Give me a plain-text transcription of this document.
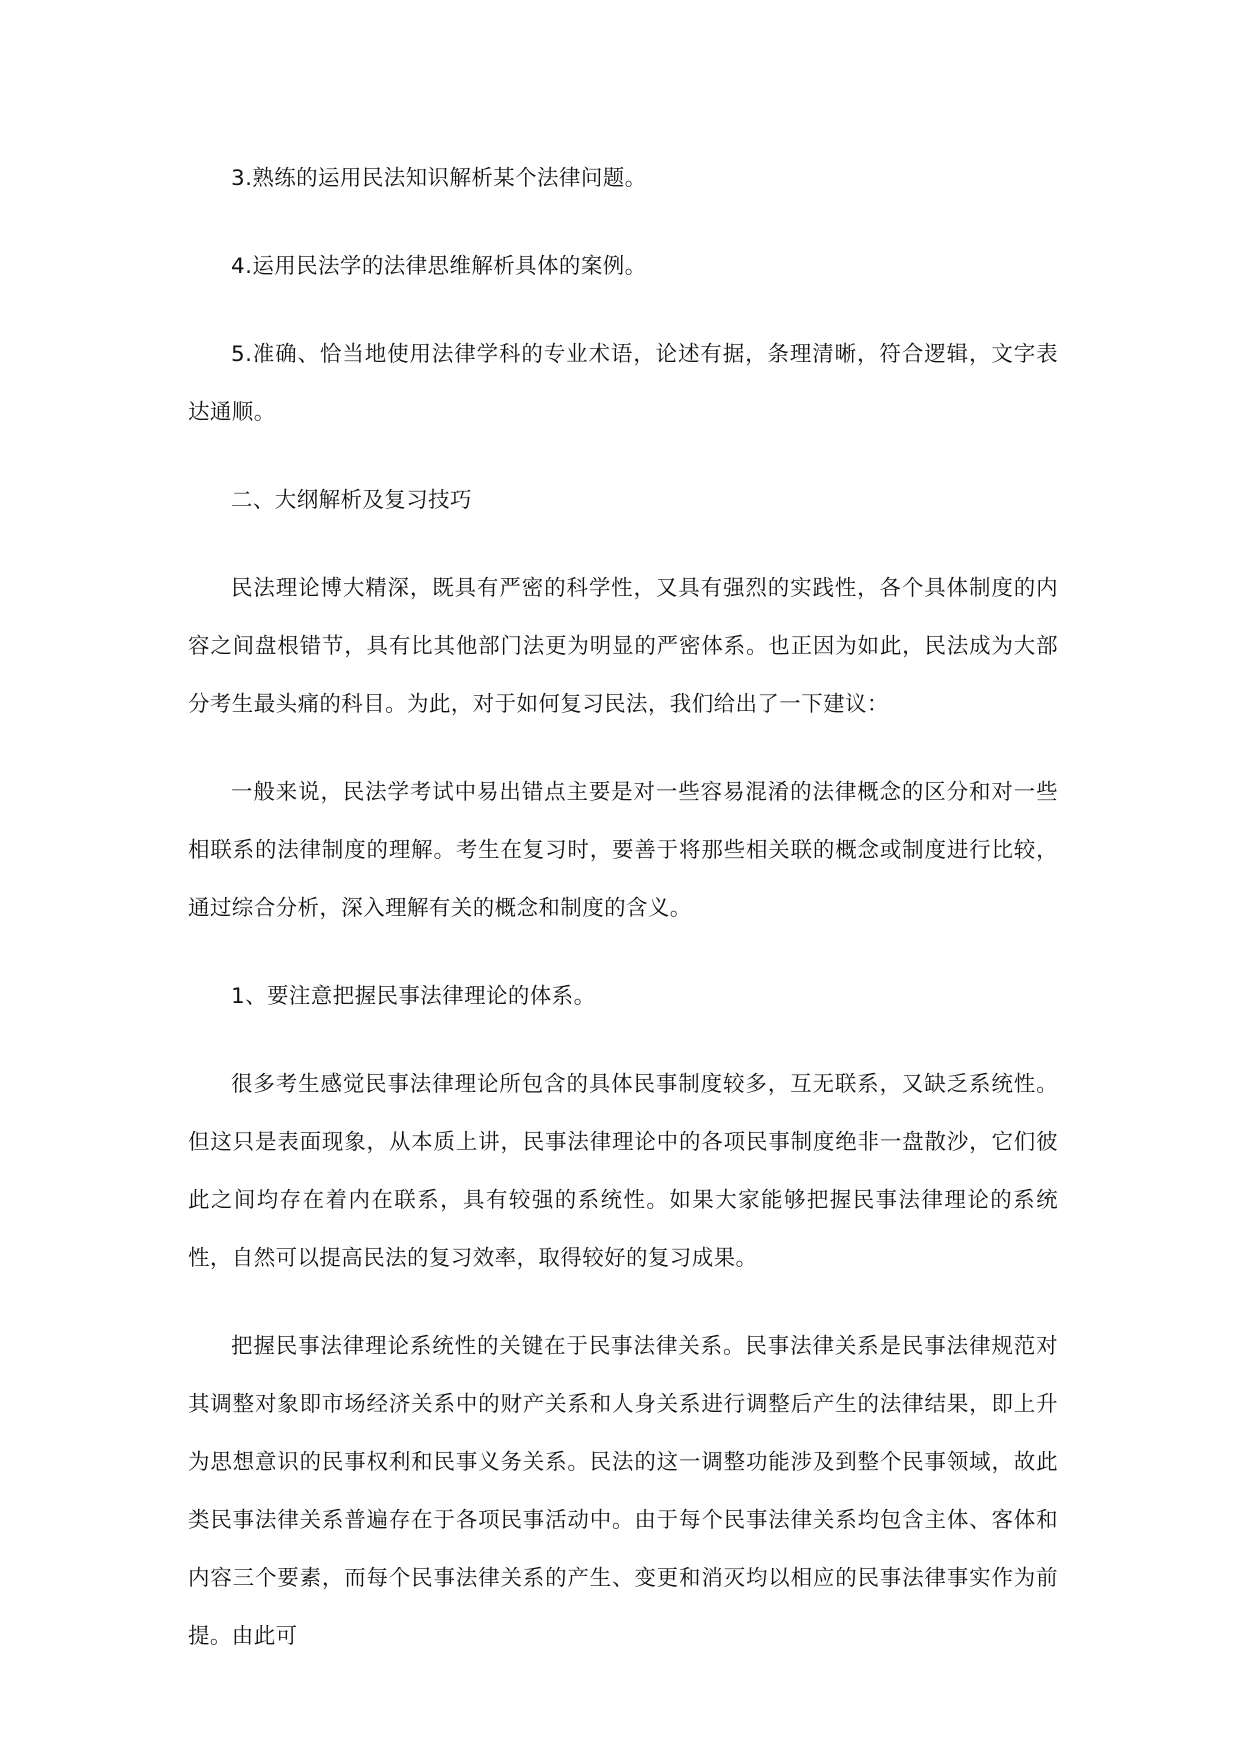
3.熟练的运用民法知识解析某个法律问题。

4.运用民法学的法律思维解析具体的案例。

5.准确、恰当地使用法律学科的专业术语，论述有据，条理清晰，符合逻辑，文字表达通顺。

二、大纲解析及复习技巧

民法理论博大精深，既具有严密的科学性，又具有强烈的实践性，各个具体制度的内容之间盘根错节，具有比其他部门法更为明显的严密体系。也正因为如此，民法成为大部分考生最头痛的科目。为此，对于如何复习民法，我们给出了一下建议：

一般来说，民法学考试中易出错点主要是对一些容易混淆的法律概念的区分和对一些相联系的法律制度的理解。考生在复习时，要善于将那些相关联的概念或制度进行比较，通过综合分析，深入理解有关的概念和制度的含义。

1、要注意把握民事法律理论的体系。

很多考生感觉民事法律理论所包含的具体民事制度较多，互无联系，又缺乏系统性。但这只是表面现象，从本质上讲，民事法律理论中的各项民事制度绝非一盘散沙，它们彼此之间均存在着内在联系，具有较强的系统性。如果大家能够把握民事法律理论的系统性，自然可以提高民法的复习效率，取得较好的复习成果。

把握民事法律理论系统性的关键在于民事法律关系。民事法律关系是民事法律规范对其调整对象即市场经济关系中的财产关系和人身关系进行调整后产生的法律结果，即上升为思想意识的民事权利和民事义务关系。民法的这一调整功能涉及到整个民事领域，故此类民事法律关系普遍存在于各项民事活动中。由于每个民事法律关系均包含主体、客体和内容三个要素，而每个民事法律关系的产生、变更和消灭均以相应的民事法律事实作为前提。由此可
